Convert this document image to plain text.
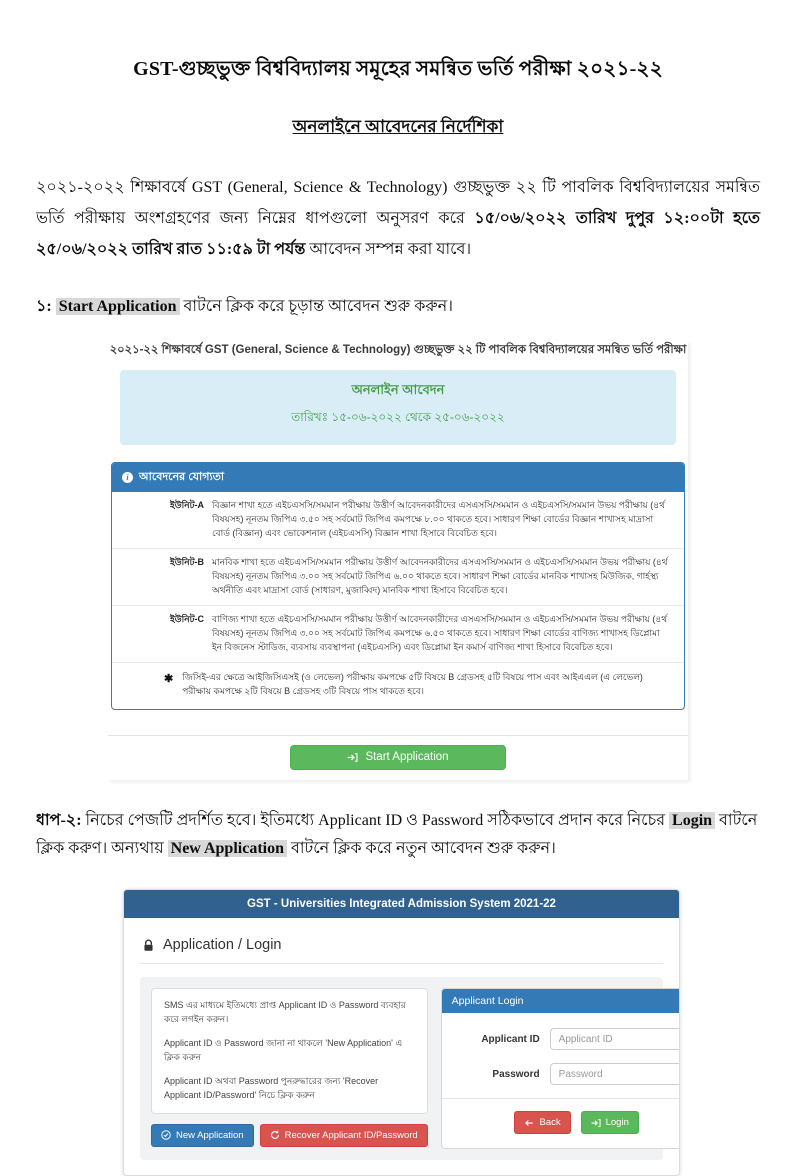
GST-গুচ্ছভুক্ত বিশ্ববিদ্যালয় সমূহের সমন্বিত ভর্তি পরীক্ষা ২০২১-২২
অনলাইনে আবেদনের নির্দেশিকা

২০২১-২০২২ শিক্ষাবর্ষে GST (General, Science & Technology) গুচ্ছভুক্ত ২২ টি পাবলিক বিশ্ববিদ্যালয়ের সমন্বিত ভর্তি পরীক্ষায় অংশগ্রহণের জন্য নিম্নের ধাপগুলো অনুসরণ করে ১৫/০৬/২০২২ তারিখ দুপুর ১২:০০টা হতে ২৫/০৬/২০২২ তারিখ রাত ১১:৫৯ টা পর্যন্ত আবেদন সম্পন্ন করা যাবে।

১: Start Application বাটনে ক্লিক করে চূড়ান্ত আবেদন শুরু করুন।

২০২১-২২ শিক্ষাবর্ষে GST (General, Science & Technology) গুচ্ছভুক্ত ২২ টি পাবলিক বিশ্ববিদ্যালয়ের সমন্বিত ভর্তি পরীক্ষা
অনলাইন আবেদন
তারিখঃ ১৫-০৬-২০২২ থেকে ২৫-০৬-২০২২
i আবেদনের যোগ্যতা
ইউনিট-A বিজ্ঞান শাখা হতে এইচএসসি/সমমান পরীক্ষায় উত্তীর্ণ আবেদনকারীদের এসএসসি/সমমান ও এইচএসসি/সমমান উভয় পরীক্ষায় (৪র্থ বিষয়সহ) নূনতম জিপিএ ৩.৫০ সহ সর্বমোট জিপিএ কমপক্ষে ৮.০০ থাকতে হবে। সাধারণ শিক্ষা বোর্ডের বিজ্ঞান শাখাসহ মাদ্রাসা বোর্ড (বিজ্ঞান) এবং ভোকেশনাল (এইচএসসি) বিজ্ঞান শাখা হিসাবে বিবেচিত হবে।
ইউনিট-B মানবিক শাখা হতে এইচএসসি/সমমান পরীক্ষায় উত্তীর্ণ আবেদনকারীদের এসএসসি/সমমান ও এইচএসসি/সমমান উভয় পরীক্ষায় (৪র্থ বিষয়সহ) নূনতম জিপিএ ৩.০০ সহ সর্বমোট জিপিএ ৬.০০ থাকতে হবে। সাধারণ শিক্ষা বোর্ডের মানবিক শাখাসহ মিউজিক, গার্হস্থ্য অর্থনীতি এবং মাদ্রাসা বোর্ড (সাধারণ, মুজাব্বিদ) মানবিক শাখা হিসাবে বিবেচিত হবে।
ইউনিট-C বাণিজ্য শাখা হতে এইচএসসি/সমমান পরীক্ষায় উত্তীর্ণ আবেদনকারীদের এসএসসি/সমমান ও এইচএসসি/সমমান উভয় পরীক্ষায় (৪র্থ বিষয়সহ) নূনতম জিপিএ ৩.০০ সহ সর্বমোট জিপিএ কমপক্ষে ৬.৫০ থাকতে হবে। সাধারণ শিক্ষা বোর্ডের বাণিজ্য শাখাসহ ডিপ্লোমা ইন বিজনেস স্টাডিজ, ব্যবসায় ব্যবস্থাপনা (এইচএসসি) এবং ডিপ্লোমা ইন কমার্স বাণিজ্য শাখা হিসাবে বিবেচিত হবে।
✱ জিসিই-এর ক্ষেত্রে আইজিসিএসই (ও লেভেল) পরীক্ষায় কমপক্ষে ৫টি বিষয়ে B গ্রেডসহ ৫টি বিষয়ে পাস এবং আইএএল (এ লেভেল) পরীক্ষায় কমপক্ষে ২টি বিষয়ে B গ্রেডসহ ৩টি বিষয়ে পাস থাকতে হবে।
Start Application

ধাপ-২: নিচের পেজটি প্রদর্শিত হবে। ইতিমধ্যে Applicant ID ও Password সঠিকভাবে প্রদান করে নিচের Login বাটনে ক্লিক করুণ। অন্যথায় New Application বাটনে ক্লিক করে নতুন আবেদন শুরু করুন।

GST - Universities Integrated Admission System 2021-22
Application / Login

SMS এর মাধ্যমে ইতিমধ্যে প্রাপ্ত Applicant ID ও Password ব্যবহার করে লগইন করুন।

Applicant ID ও Password জানা না থাকলে 'New Application' এ ক্লিক করুন

Applicant ID অথবা Password পুনরুদ্ধারের জন্য 'Recover Applicant ID/Password' নিচে ক্লিক করুন

New Application	Recover Applicant ID/Password
Applicant Login
Applicant ID
Applicant ID
Password
Back	Login
